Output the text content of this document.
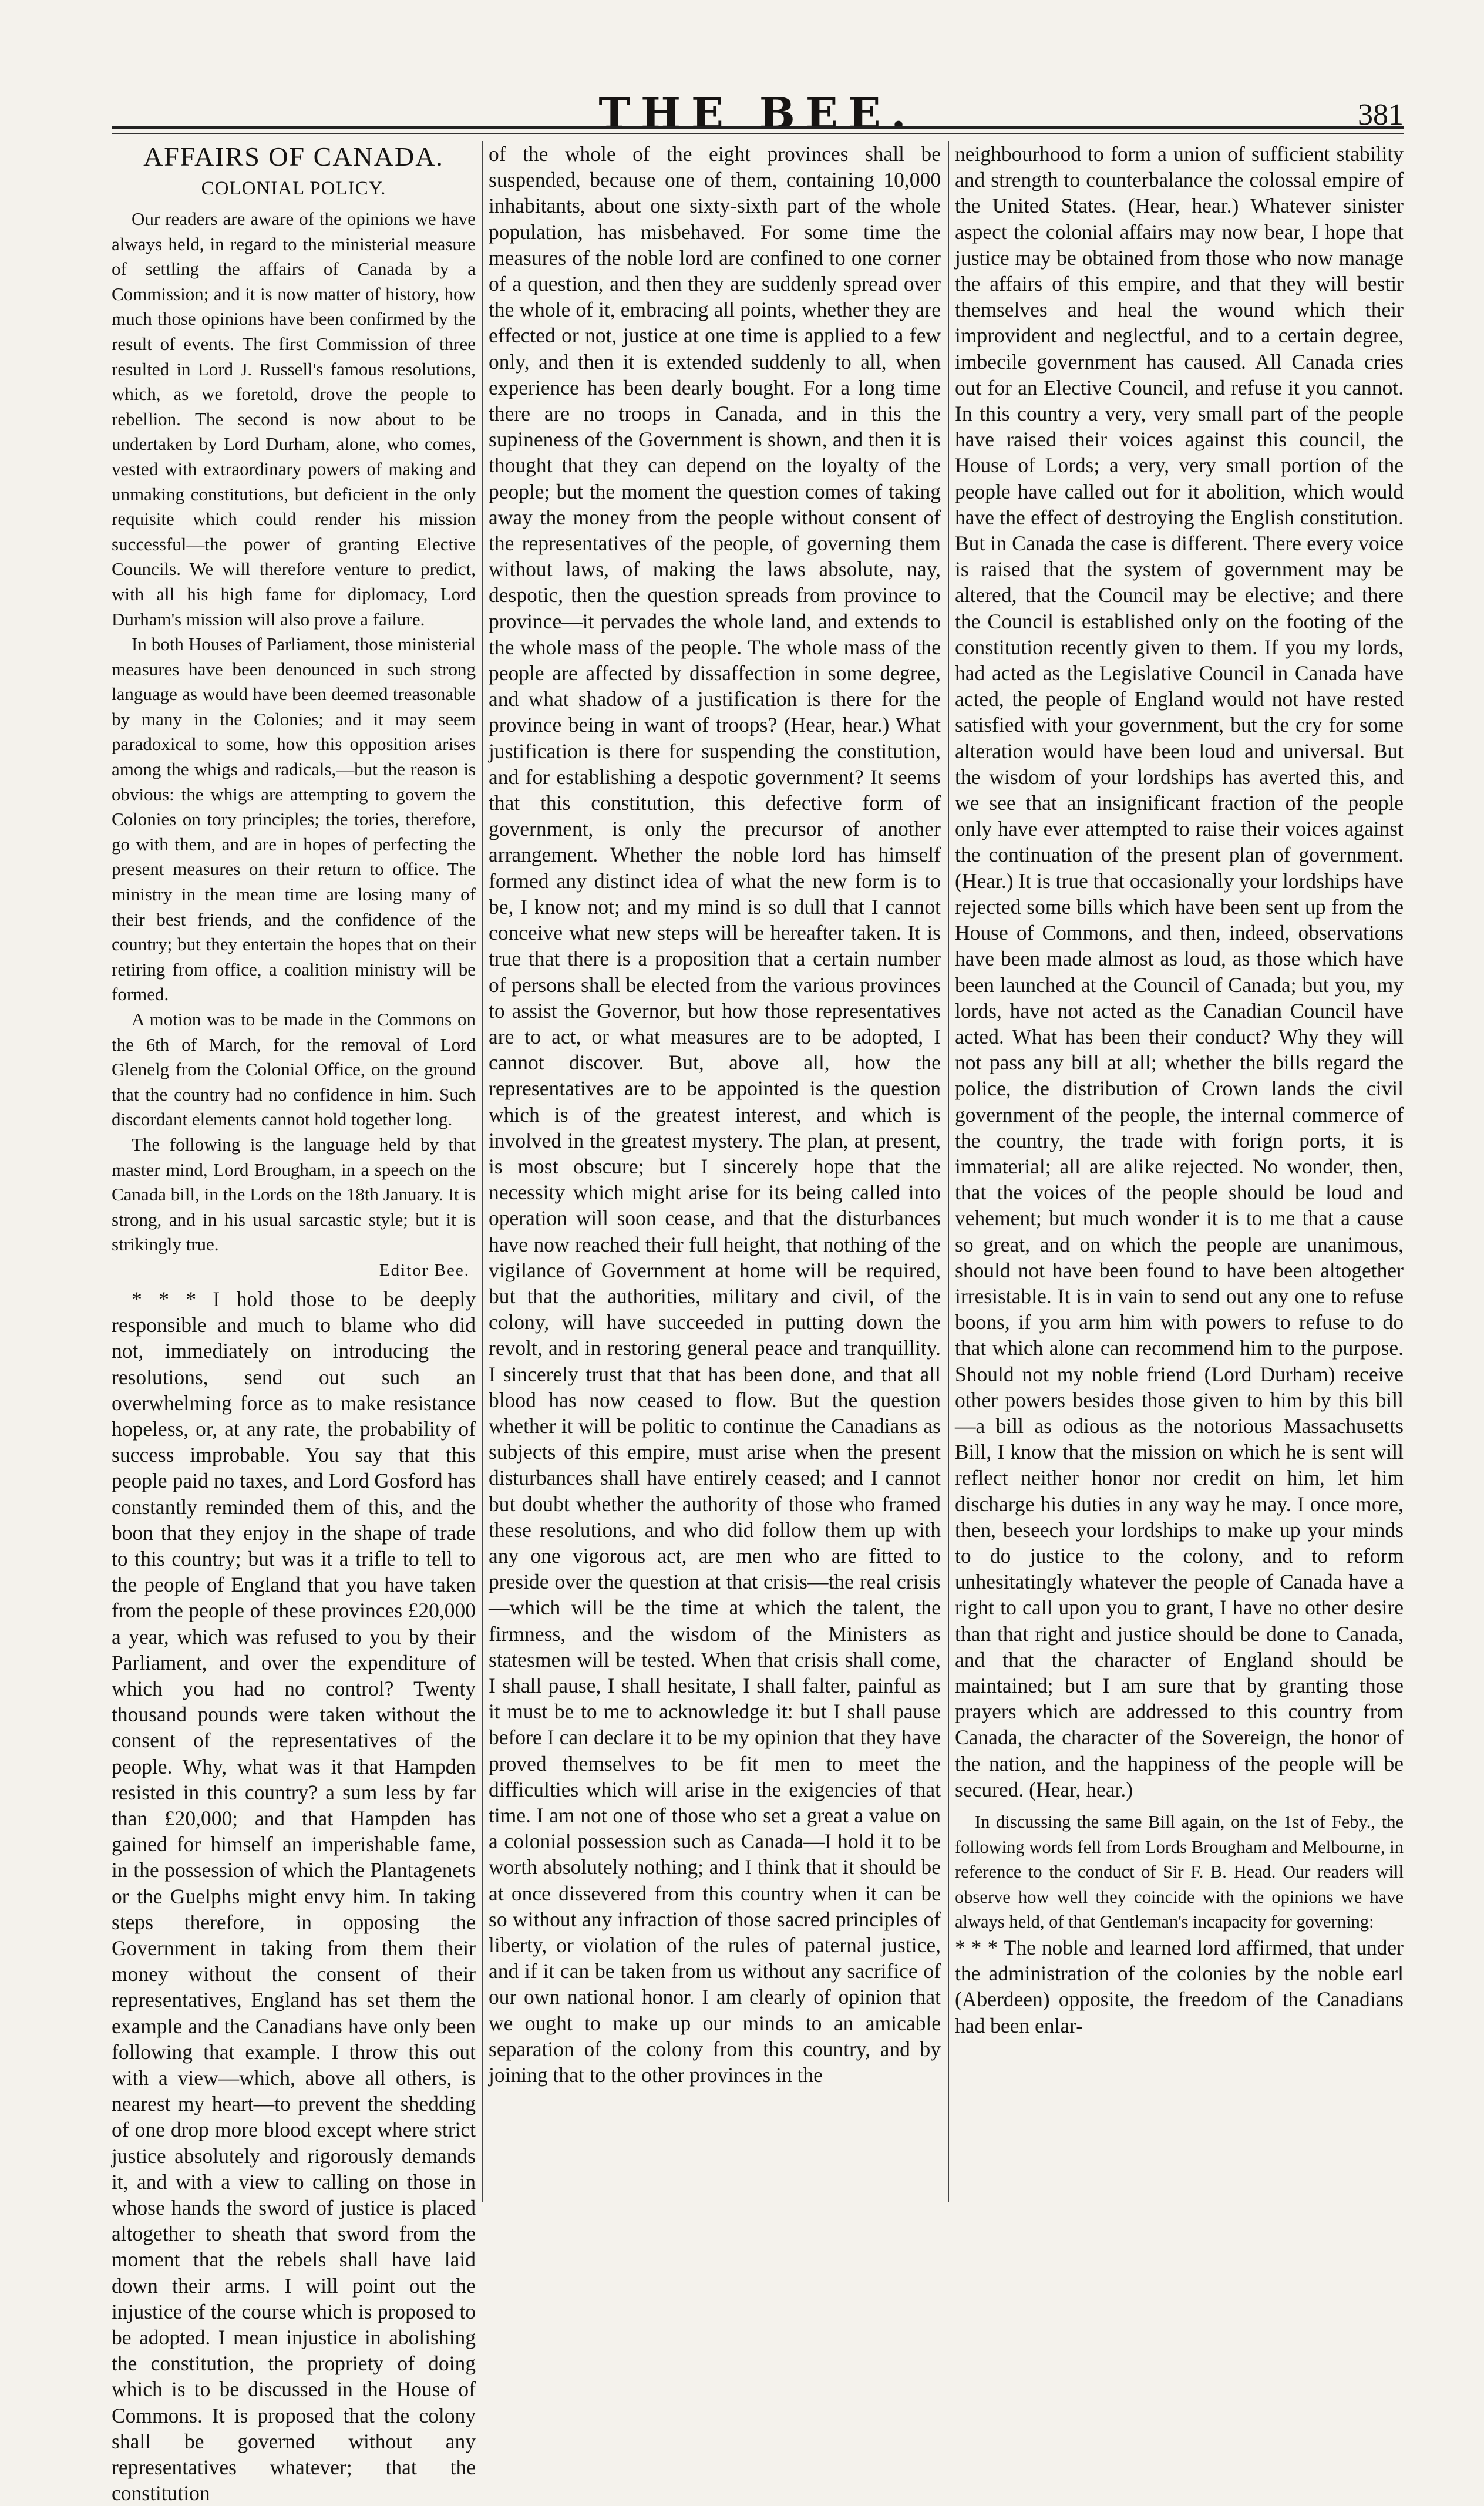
THE BEE.	381
AFFAIRS OF CANADA.
COLONIAL POLICY.

Our readers are aware of the opinions we have always held, in regard to the ministerial measure of settling the affairs of Canada by a Commission; and it is now matter of history, how much those opinions have been confirmed by the result of events. The first Commission of three resulted in Lord J. Russell's famous resolutions, which, as we foretold, drove the people to rebellion. The second is now about to be undertaken by Lord Durham, alone, who comes, vested with extraordinary powers of making and unmaking constitutions, but deficient in the only requisite which could render his mission successful—the power of granting Elective Councils. We will therefore venture to predict, with all his high fame for diplomacy, Lord Durham's mission will also prove a failure.

In both Houses of Parliament, those ministerial measures have been denounced in such strong language as would have been deemed treasonable by many in the Colonies; and it may seem paradoxical to some, how this opposition arises among the whigs and radicals,—but the reason is obvious: the whigs are attempting to govern the Colonies on tory principles; the tories, therefore, go with them, and are in hopes of perfecting the present measures on their return to office. The ministry in the mean time are losing many of their best friends, and the confidence of the country; but they entertain the hopes that on their retiring from office, a coalition ministry will be formed.

A motion was to be made in the Commons on the 6th of March, for the removal of Lord Glenelg from the Colonial Office, on the ground that the country had no confidence in him. Such discordant elements cannot hold together long.

The following is the language held by that master mind, Lord Brougham, in a speech on the Canada bill, in the Lords on the 18th January. It is strong, and in his usual sarcastic style; but it is strikingly true.

Editor Bee.

* * * I hold those to be deeply responsible and much to blame who did not, immediately on introducing the resolutions, send out such an overwhelming force as to make resistance hopeless, or, at any rate, the probability of success improbable. You say that this people paid no taxes, and Lord Gosford has constantly reminded them of this, and the boon that they enjoy in the shape of trade to this country; but was it a trifle to tell to the people of England that you have taken from the people of these provinces £20,000 a year, which was refused to you by their Parliament, and over the expenditure of which you had no control? Twenty thousand pounds were taken without the consent of the representatives of the people. Why, what was it that Hampden resisted in this country? a sum less by far than £20,000; and that Hampden has gained for himself an imperishable fame, in the possession of which the Plantagenets or the Guelphs might envy him. In taking steps therefore, in opposing the Government in taking from them their money without the consent of their representatives, England has set them the example and the Canadians have only been following that example. I throw this out with a view—which, above all others, is nearest my heart—to prevent the shedding of one drop more blood except where strict justice absolutely and rigorously demands it, and with a view to calling on those in whose hands the sword of justice is placed altogether to sheath that sword from the moment that the rebels shall have laid down their arms. I will point out the injustice of the course which is proposed to be adopted. I mean injustice in abolishing the constitution, the propriety of doing which is to be discussed in the House of Commons. It is proposed that the colony shall be governed without any representatives whatever; that the constitution

of the whole of the eight provinces shall be suspended, because one of them, containing 10,000 inhabitants, about one sixty-sixth part of the whole population, has misbehaved. For some time the measures of the noble lord are confined to one corner of a question, and then they are suddenly spread over the whole of it, embracing all points, whether they are effected or not, justice at one time is applied to a few only, and then it is extended suddenly to all, when experience has been dearly bought. For a long time there are no troops in Canada, and in this the supineness of the Government is shown, and then it is thought that they can depend on the loyalty of the people; but the moment the question comes of taking away the money from the people without consent of the representatives of the people, of governing them without laws, of making the laws absolute, nay, despotic, then the question spreads from province to province—it pervades the whole land, and extends to the whole mass of the people. The whole mass of the people are affected by dissaffection in some degree, and what shadow of a justification is there for the province being in want of troops? (Hear, hear.) What justification is there for suspending the constitution, and for establishing a despotic government? It seems that this constitution, this defective form of government, is only the precursor of another arrangement. Whether the noble lord has himself formed any distinct idea of what the new form is to be, I know not; and my mind is so dull that I cannot conceive what new steps will be hereafter taken. It is true that there is a proposition that a certain number of persons shall be elected from the various provinces to assist the Governor, but how those representatives are to act, or what measures are to be adopted, I cannot discover. But, above all, how the representatives are to be appointed is the question which is of the greatest interest, and which is involved in the greatest mystery. The plan, at present, is most obscure; but I sincerely hope that the necessity which might arise for its being called into operation will soon cease, and that the disturbances have now reached their full height, that nothing of the vigilance of Government at home will be required, but that the authorities, military and civil, of the colony, will have succeeded in putting down the revolt, and in restoring general peace and tranquillity. I sincerely trust that that has been done, and that all blood has now ceased to flow. But the question whether it will be politic to continue the Canadians as subjects of this empire, must arise when the present disturbances shall have entirely ceased; and I cannot but doubt whether the authority of those who framed these resolutions, and who did follow them up with any one vigorous act, are men who are fitted to preside over the question at that crisis—the real crisis—which will be the time at which the talent, the firmness, and the wisdom of the Ministers as statesmen will be tested. When that crisis shall come, I shall pause, I shall hesitate, I shall falter, painful as it must be to me to acknowledge it: but I shall pause before I can declare it to be my opinion that they have proved themselves to be fit men to meet the difficulties which will arise in the exigencies of that time. I am not one of those who set a great a value on a colonial possession such as Canada—I hold it to be worth absolutely nothing; and I think that it should be at once dissevered from this country when it can be so without any infraction of those sacred principles of liberty, or violation of the rules of paternal justice, and if it can be taken from us without any sacrifice of our own national honor. I am clearly of opinion that we ought to make up our minds to an amicable separation of the colony from this country, and by joining that to the other provinces in the

neighbourhood to form a union of sufficient stability and strength to counterbalance the colossal empire of the United States. (Hear, hear.) Whatever sinister aspect the colonial affairs may now bear, I hope that justice may be obtained from those who now manage the affairs of this empire, and that they will bestir themselves and heal the wound which their improvident and neglectful, and to a certain degree, imbecile government has caused. All Canada cries out for an Elective Council, and refuse it you cannot. In this country a very, very small part of the people have raised their voices against this council, the House of Lords; a very, very small portion of the people have called out for it abolition, which would have the effect of destroying the English constitution. But in Canada the case is different. There every voice is raised that the system of government may be altered, that the Council may be elective; and there the Council is established only on the footing of the constitution recently given to them. If you my lords, had acted as the Legislative Council in Canada have acted, the people of England would not have rested satisfied with your government, but the cry for some alteration would have been loud and universal. But the wisdom of your lordships has averted this, and we see that an insignificant fraction of the people only have ever attempted to raise their voices against the continuation of the present plan of government. (Hear.) It is true that occasionally your lordships have rejected some bills which have been sent up from the House of Commons, and then, indeed, observations have been made almost as loud, as those which have been launched at the Council of Canada; but you, my lords, have not acted as the Canadian Council have acted. What has been their conduct? Why they will not pass any bill at all; whether the bills regard the police, the distribution of Crown lands the civil government of the people, the internal commerce of the country, the trade with forign ports, it is immaterial; all are alike rejected. No wonder, then, that the voices of the people should be loud and vehement; but much wonder it is to me that a cause so great, and on which the people are unanimous, should not have been found to have been altogether irresistable. It is in vain to send out any one to refuse boons, if you arm him with powers to refuse to do that which alone can recommend him to the purpose. Should not my noble friend (Lord Durham) receive other powers besides those given to him by this bill—a bill as odious as the notorious Massachusetts Bill, I know that the mission on which he is sent will reflect neither honor nor credit on him, let him discharge his duties in any way he may. I once more, then, beseech your lordships to make up your minds to do justice to the colony, and to reform unhesitatingly whatever the people of Canada have a right to call upon you to grant, I have no other desire than that right and justice should be done to Canada, and that the character of England should be maintained; but I am sure that by granting those prayers which are addressed to this country from Canada, the character of the Sovereign, the honor of the nation, and the happiness of the people will be secured. (Hear, hear.)

In discussing the same Bill again, on the 1st of Feby., the following words fell from Lords Brougham and Melbourne, in reference to the conduct of Sir F. B. Head. Our readers will observe how well they coincide with the opinions we have always held, of that Gentleman's incapacity for governing:

* * * The noble and learned lord affirmed, that under the administration of the colonies by the noble earl (Aberdeen) opposite, the freedom of the Canadians had been enlar-
